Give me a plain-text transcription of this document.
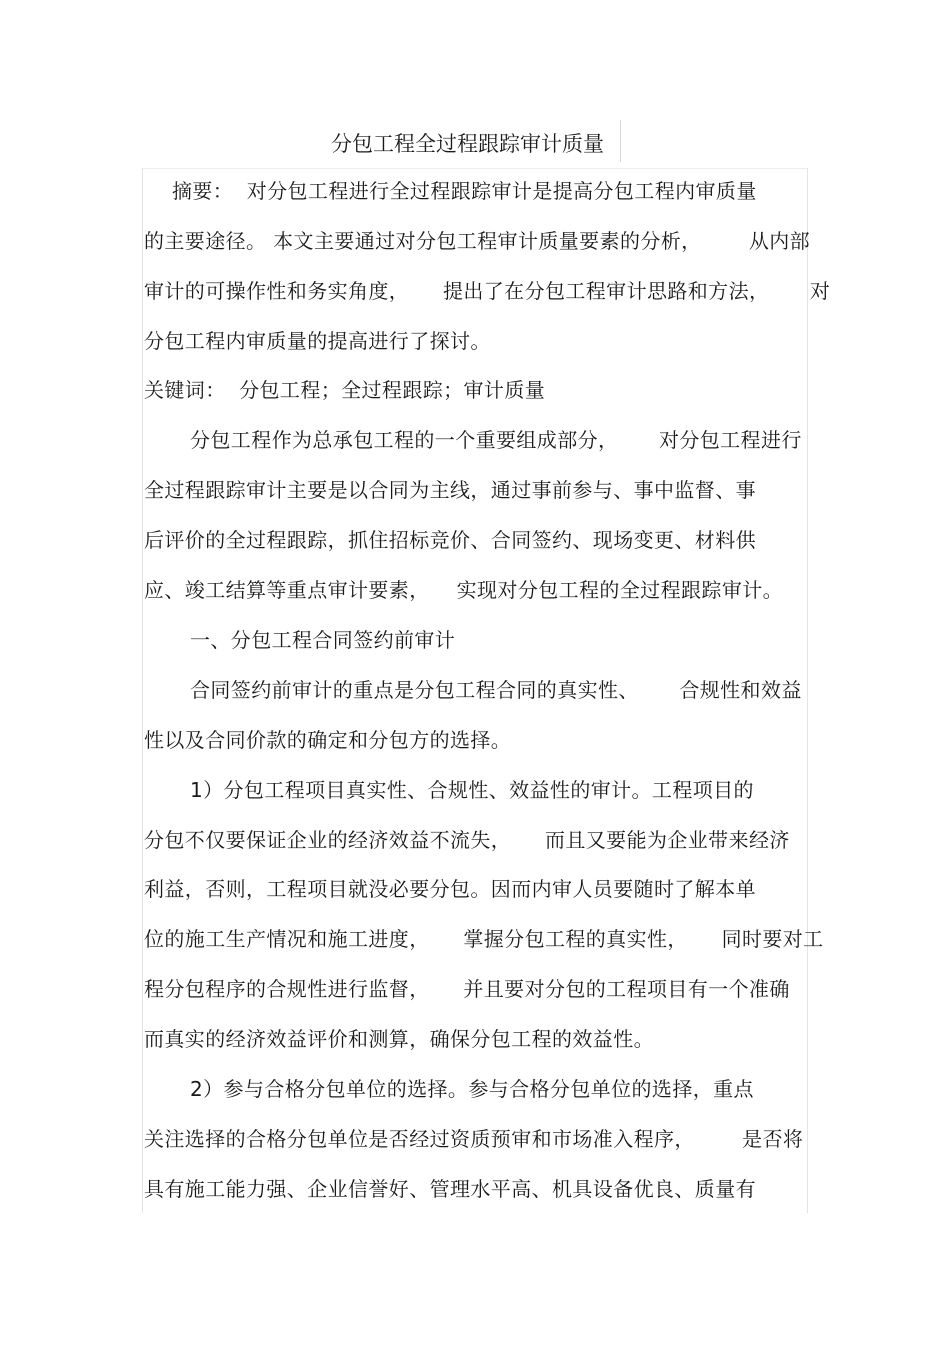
分包工程全过程跟踪审计质量
摘要：  对分包工程进行全过程跟踪审计是提高分包工程内审质量
的主要途径。 本文主要通过对分包工程审计质量要素的分析，       从内部
审计的可操作性和务实角度，     提出了在分包工程审计思路和方法，      对
分包工程内审质量的提高进行了探讨。
关键词：  分包工程；全过程跟踪；审计质量
分包工程作为总承包工程的一个重要组成部分，      对分包工程进行
全过程跟踪审计主要是以合同为主线，通过事前参与、事中监督、事
后评价的全过程跟踪，抓住招标竞价、合同签约、现场变更、材料供
应、竣工结算等重点审计要素，    实现对分包工程的全过程跟踪审计。
一、分包工程合同签约前审计
合同签约前审计的重点是分包工程合同的真实性、      合规性和效益
性以及合同价款的确定和分包方的选择。
1）分包工程项目真实性、合规性、效益性的审计。工程项目的
分包不仅要保证企业的经济效益不流失，     而且又要能为企业带来经济
利益，否则，工程项目就没必要分包。因而内审人员要随时了解本单
位的施工生产情况和施工进度，     掌握分包工程的真实性，     同时要对工
程分包程序的合规性进行监督，     并且要对分包的工程项目有一个准确
而真实的经济效益评价和测算，确保分包工程的效益性。
2）参与合格分包单位的选择。参与合格分包单位的选择，重点
关注选择的合格分包单位是否经过资质预审和市场准入程序，       是否将
具有施工能力强、企业信誉好、管理水平高、机具设备优良、质量有
